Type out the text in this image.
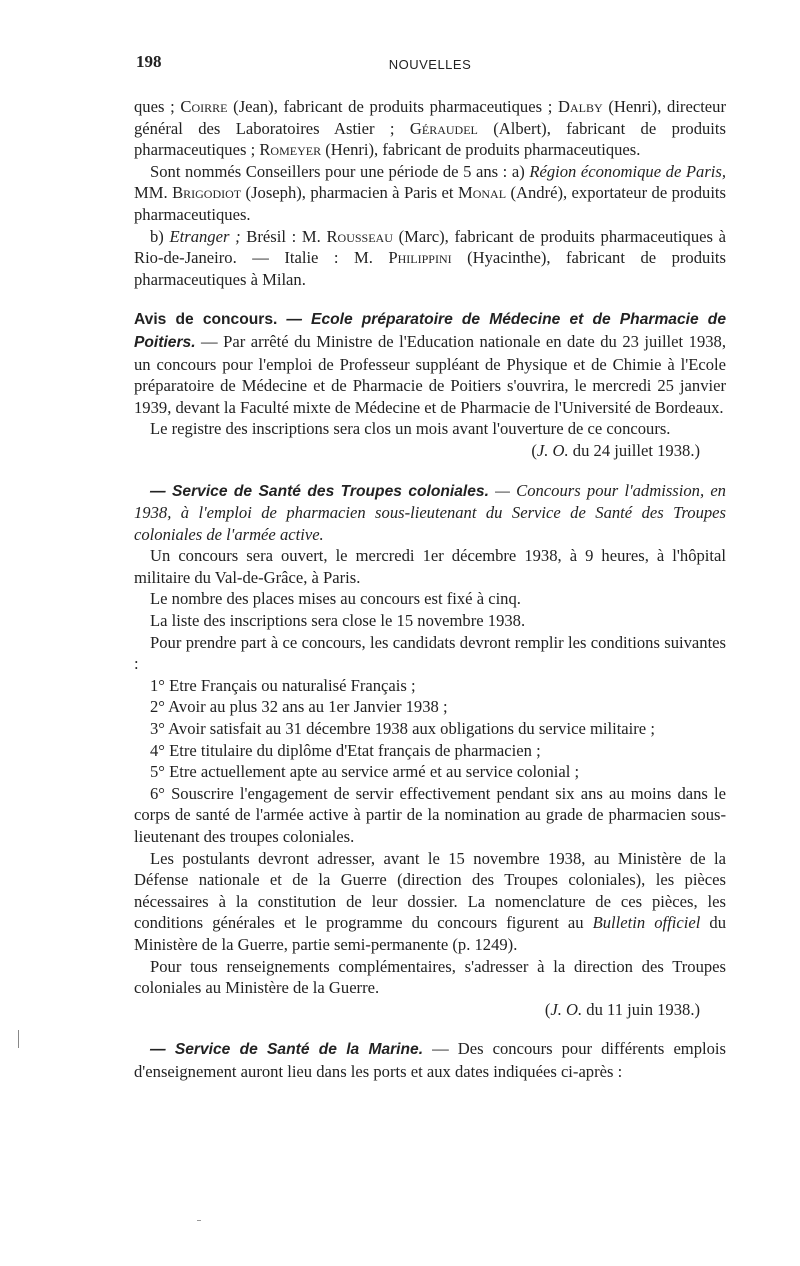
198	NOUVELLES

ques ; Coirre (Jean), fabricant de produits pharmaceutiques ; Dalby (Henri), directeur général des Laboratoires Astier ; Géraudel (Albert), fabricant de produits pharmaceutiques ; Romeyer (Henri), fabricant de produits pharmaceutiques.

Sont nommés Conseillers pour une période de 5 ans : a) Région économique de Paris, MM. Brigodiot (Joseph), pharmacien à Paris et Monal (André), exportateur de produits pharmaceutiques.

b) Etranger ; Brésil : M. Rousseau (Marc), fabricant de produits pharmaceutiques à Rio-de-Janeiro. — Italie : M. Philippini (Hyacinthe), fabricant de produits pharmaceutiques à Milan.

Avis de concours. — Ecole préparatoire de Médecine et de Pharmacie de Poitiers. — Par arrêté du Ministre de l'Education nationale en date du 23 juillet 1938, un concours pour l'emploi de Professeur suppléant de Physique et de Chimie à l'Ecole préparatoire de Médecine et de Pharmacie de Poitiers s'ouvrira, le mercredi 25 janvier 1939, devant la Faculté mixte de Médecine et de Pharmacie de l'Université de Bordeaux.

Le registre des inscriptions sera clos un mois avant l'ouverture de ce concours.

(J. O. du 24 juillet 1938.)

— Service de Santé des Troupes coloniales. — Concours pour l'admission, en 1938, à l'emploi de pharmacien sous-lieutenant du Service de Santé des Troupes coloniales de l'armée active.

Un concours sera ouvert, le mercredi 1er décembre 1938, à 9 heures, à l'hôpital militaire du Val-de-Grâce, à Paris.

Le nombre des places mises au concours est fixé à cinq.

La liste des inscriptions sera close le 15 novembre 1938.

Pour prendre part à ce concours, les candidats devront remplir les conditions suivantes :

1° Etre Français ou naturalisé Français ;

2° Avoir au plus 32 ans au 1er Janvier 1938 ;

3° Avoir satisfait au 31 décembre 1938 aux obligations du service militaire ;

4° Etre titulaire du diplôme d'Etat français de pharmacien ;

5° Etre actuellement apte au service armé et au service colonial ;

6° Souscrire l'engagement de servir effectivement pendant six ans au moins dans le corps de santé de l'armée active à partir de la nomination au grade de pharmacien sous-lieutenant des troupes coloniales.

Les postulants devront adresser, avant le 15 novembre 1938, au Ministère de la Défense nationale et de la Guerre (direction des Troupes coloniales), les pièces nécessaires à la constitution de leur dossier. La nomenclature de ces pièces, les conditions générales et le programme du concours figurent au Bulletin officiel du Ministère de la Guerre, partie semi-permanente (p. 1249).

Pour tous renseignements complémentaires, s'adresser à la direction des Troupes coloniales au Ministère de la Guerre.

(J. O. du 11 juin 1938.)

— Service de Santé de la Marine. — Des concours pour différents emplois d'enseignement auront lieu dans les ports et aux dates indiquées ci-après :
